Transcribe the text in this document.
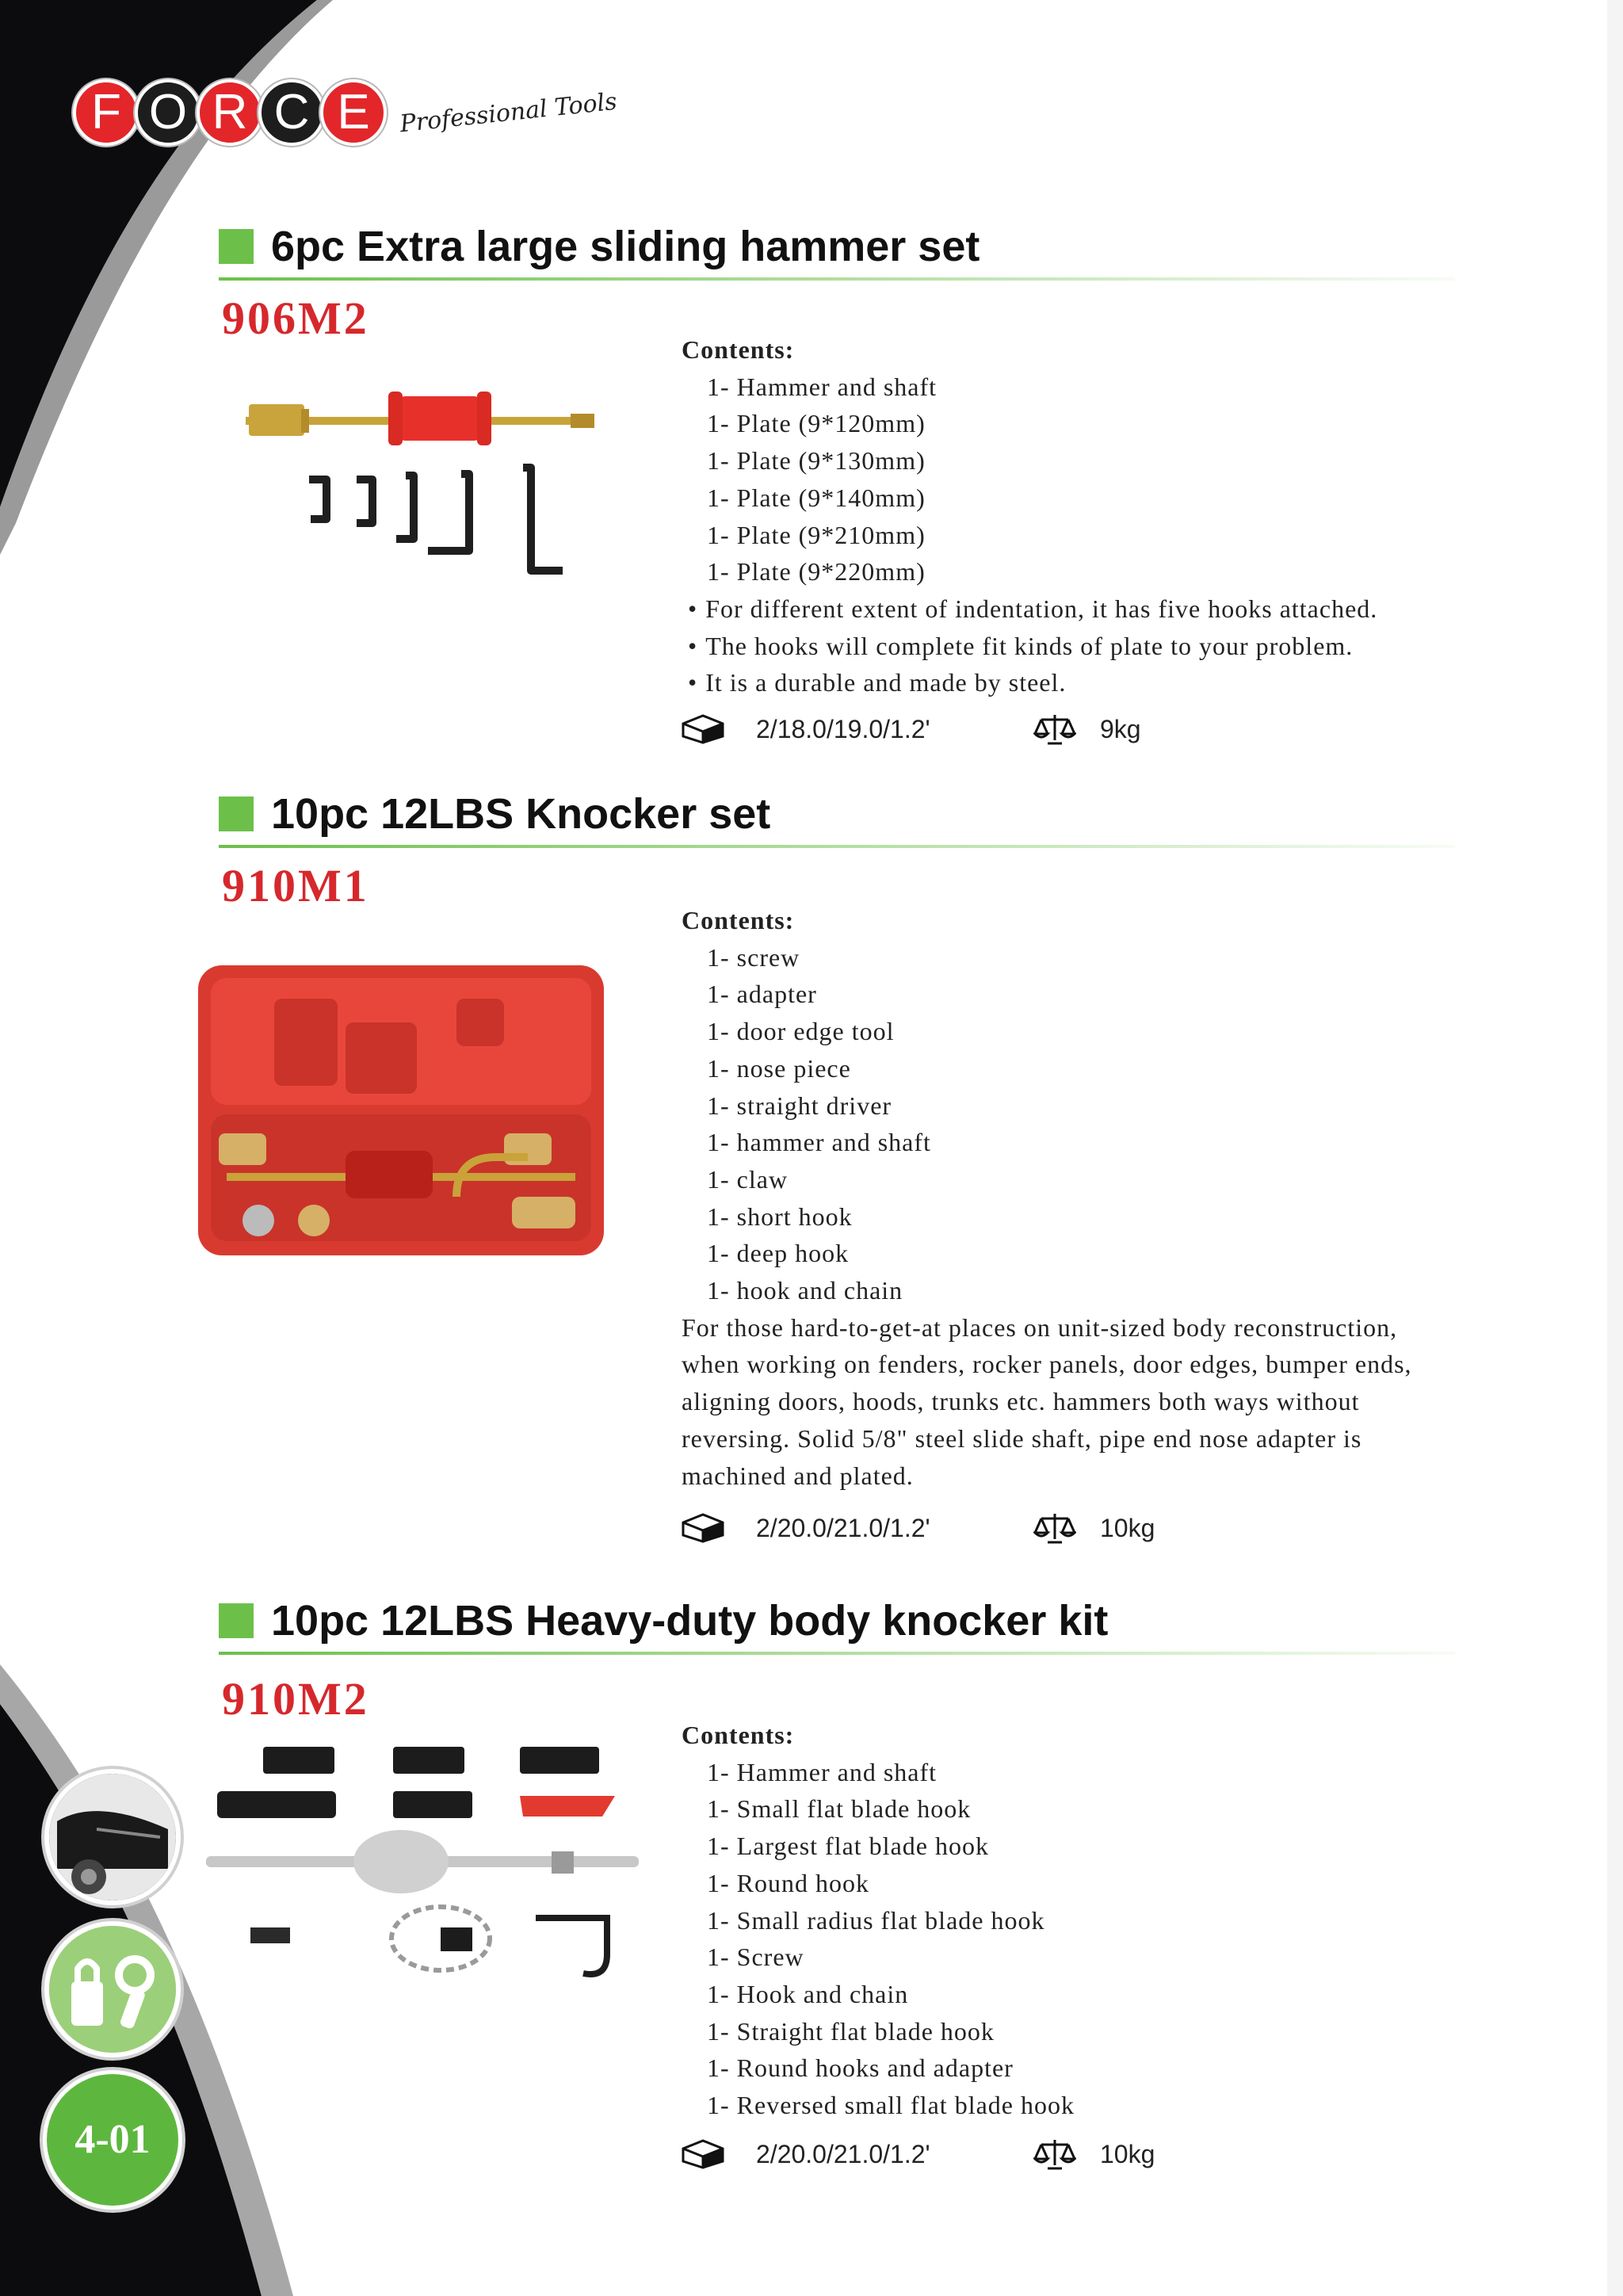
F O R C E	Professional Tools
6pc Extra large sliding hammer set
906M2
Contents:
1- Hammer and shaft
1- Plate (9*120mm)
1- Plate (9*130mm)
1- Plate (9*140mm)
1- Plate (9*210mm)
1- Plate (9*220mm)
• For different extent of indentation, it has five hooks attached.
• The hooks will complete fit kinds of plate to your problem.
• It is a durable and made by steel.
2/18.0/19.0/1.2'	9kg
10pc 12LBS Knocker set
910M1
Contents:
1- screw
1- adapter
1- door edge tool
1- nose piece
1- straight driver
1- hammer and shaft
1- claw
1- short hook
1- deep hook
1- hook and chain
For those hard-to-get-at places on unit-sized body reconstruction,
when working on fenders, rocker panels, door edges, bumper ends,
aligning doors, hoods, trunks etc. hammers both ways without
reversing. Solid 5/8" steel slide shaft, pipe end nose adapter is
machined and plated.
2/20.0/21.0/1.2'	10kg
10pc 12LBS Heavy-duty body knocker kit
910M2
Contents:
1- Hammer and shaft
1- Small flat blade hook
1- Largest flat blade hook
1- Round hook
1- Small radius flat blade hook
1- Screw
1- Hook and chain
1- Straight flat blade hook
1- Round hooks and adapter
1- Reversed small flat blade hook
2/20.0/21.0/1.2'	10kg
4-01
